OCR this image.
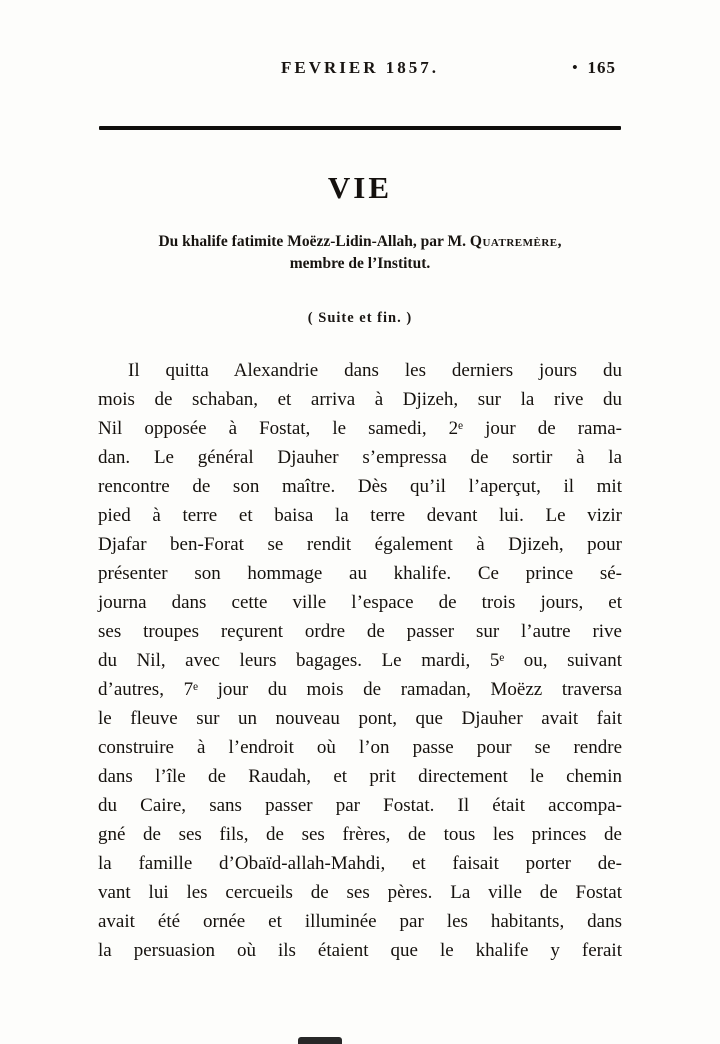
FEVRIER 1857.	• 165
VIE
Du khalife fatimite Moëzz-Lidin-Allah, par M. Quatremère,
membre de l’Institut.
( Suite et fin. )
Il quitta Alexandrie dans les derniers jours du
mois de schaban, et arriva à Djizeh, sur la rive du
Nil opposée à Fostat, le samedi, 2ᵉ jour de rama-
dan. Le général Djauher s’empressa de sortir à la
rencontre de son maître. Dès qu’il l’aperçut, il mit
pied à terre et baisa la terre devant lui. Le vizir
Djafar ben-Forat se rendit également à Djizeh, pour
présenter son hommage au khalife. Ce prince sé-
journa dans cette ville l’espace de trois jours, et
ses troupes reçurent ordre de passer sur l’autre rive
du Nil, avec leurs bagages. Le mardi, 5ᵉ ou, suivant
d’autres, 7ᵉ jour du mois de ramadan, Moëzz traversa
le fleuve sur un nouveau pont, que Djauher avait fait
construire à l’endroit où l’on passe pour se rendre
dans l’île de Raudah, et prit directement le chemin
du Caire, sans passer par Fostat. Il était accompa-
gné de ses fils, de ses frères, de tous les princes de
la famille d’Obaïd-allah-Mahdi, et faisait porter de-
vant lui les cercueils de ses pères. La ville de Fostat
avait été ornée et illuminée par les habitants, dans
la persuasion où ils étaient que le khalife y ferait
